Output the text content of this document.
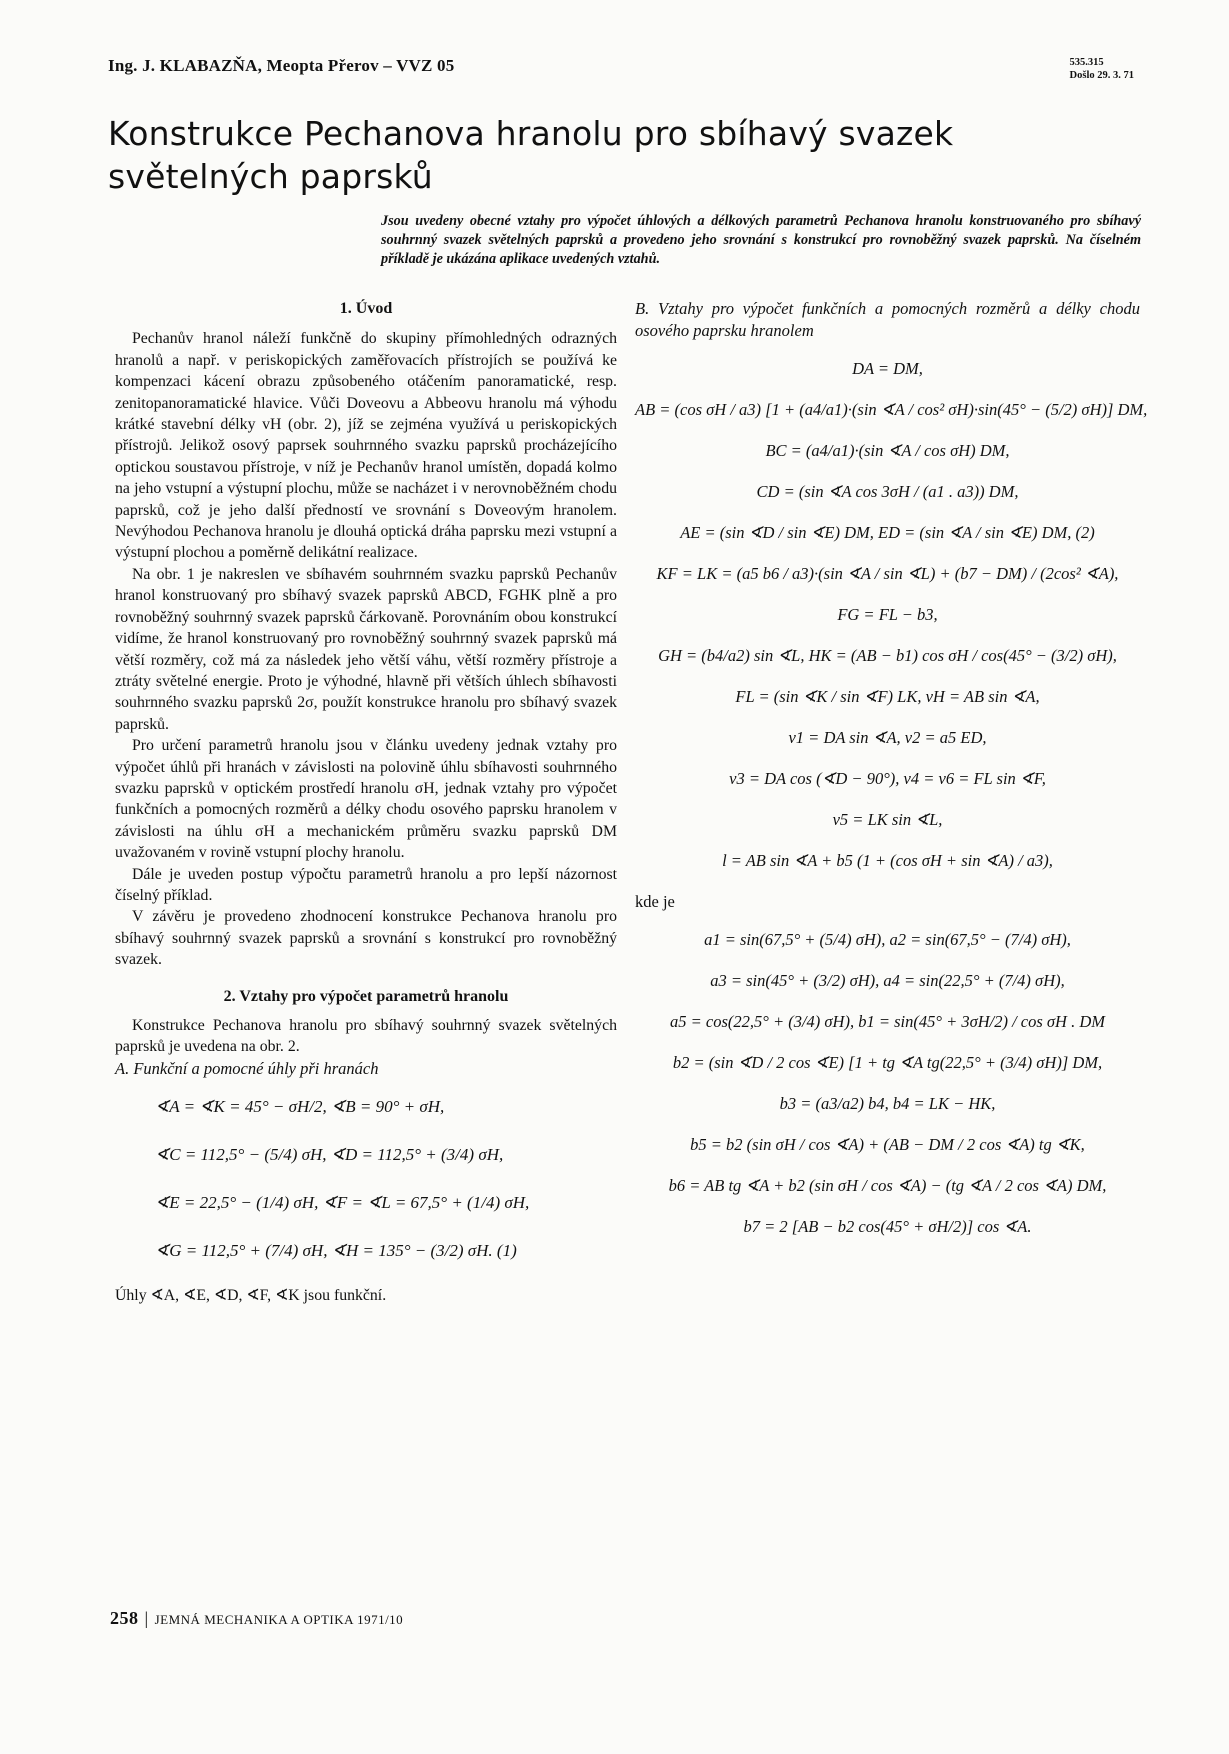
Ing. J. KLABAZŇA, Meopta Přerov – VVZ 05	535.315
Došlo 29. 3. 71
Konstrukce Pechanova hranolu pro sbíhavý svazek světelných paprsků
Jsou uvedeny obecné vztahy pro výpočet úhlových a délkových parametrů Pechanova hranolu konstruovaného pro sbíhavý souhrnný svazek světelných paprsků a provedeno jeho srovnání s konstrukcí pro rovnoběžný svazek paprsků. Na číselném příkladě je ukázána aplikace uvedených vztahů.
1. Úvod

Pechanův hranol náleží funkčně do skupiny přímohledných odrazných hranolů a např. v periskopických zaměřovacích přístrojích se používá ke kompenzaci kácení obrazu způsobeného otáčením panoramatické, resp. zenitopanoramatické hlavice. Vůči Doveovu a Abbeovu hranolu má výhodu krátké stavební délky vH (obr. 2), jíž se zejména využívá u periskopických přístrojů. Jelikož osový paprsek souhrnného svazku paprsků procházejícího optickou soustavou přístroje, v níž je Pechanův hranol umístěn, dopadá kolmo na jeho vstupní a výstupní plochu, může se nacházet i v nerovnoběžném chodu paprsků, což je jeho další předností ve srovnání s Doveovým hranolem. Nevýhodou Pechanova hranolu je dlouhá optická dráha paprsku mezi vstupní a výstupní plochou a poměrně delikátní realizace.

Na obr. 1 je nakreslen ve sbíhavém souhrnném svazku paprsků Pechanův hranol konstruovaný pro sbíhavý svazek paprsků ABCD, FGHK plně a pro rovnoběžný souhrnný svazek paprsků čárkovaně. Porovnáním obou konstrukcí vidíme, že hranol konstruovaný pro rovnoběžný souhrnný svazek paprsků má větší rozměry, což má za následek jeho větší váhu, větší rozměry přístroje a ztráty světelné energie. Proto je výhodné, hlavně při větších úhlech sbíhavosti souhrnného svazku paprsků 2σ, použít konstrukce hranolu pro sbíhavý svazek paprsků.

Pro určení parametrů hranolu jsou v článku uvedeny jednak vztahy pro výpočet úhlů při hranách v závislosti na polovině úhlu sbíhavosti souhrnného svazku paprsků v optickém prostředí hranolu σH, jednak vztahy pro výpočet funkčních a pomocných rozměrů a délky chodu osového paprsku hranolem v závislosti na úhlu σH a mechanickém průměru svazku paprsků DM uvažovaném v rovině vstupní plochy hranolu.

Dále je uveden postup výpočtu parametrů hranolu a pro lepší názornost číselný příklad.

V závěru je provedeno zhodnocení konstrukce Pechanova hranolu pro sbíhavý souhrnný svazek paprsků a srovnání s konstrukcí pro rovnoběžný svazek.

2. Vztahy pro výpočet parametrů hranolu

Konstrukce Pechanova hranolu pro sbíhavý souhrnný svazek světelných paprsků je uvedena na obr. 2.

A. Funkční a pomocné úhly při hranách

∢A = ∢K = 45° − σH/2, ∢B = 90° + σH,
∢C = 112,5° − (5/4) σH, ∢D = 112,5° + (3/4) σH,
∢E = 22,5° − (1/4) σH, ∢F = ∢L = 67,5° + (1/4) σH,
∢G = 112,5° + (7/4) σH, ∢H = 135° − (3/2) σH. (1)

Úhly ∢A, ∢E, ∢D, ∢F, ∢K jsou funkční.

B. Vztahy pro výpočet funkčních a pomocných rozměrů a délky chodu osového paprsku hranolem

DA = DM,
AB = (cos σH / a3) [1 + (a4/a1)·(sin ∢A / cos² σH)·sin(45° − (5/2) σH)] DM,
BC = (a4/a1)·(sin ∢A / cos σH) DM,
CD = (sin ∢A cos 3σH / (a1 . a3)) DM,
AE = (sin ∢D / sin ∢E) DM, ED = (sin ∢A / sin ∢E) DM, (2)
KF = LK = (a5 b6 / a3)·(sin ∢A / sin ∢L) + (b7 − DM) / (2cos² ∢A),
FG = FL − b3,
GH = (b4/a2) sin ∢L, HK = (AB − b1) cos σH / cos(45° − (3/2) σH),
FL = (sin ∢K / sin ∢F) LK, vH = AB sin ∢A,
v1 = DA sin ∢A, v2 = a5 ED,
v3 = DA cos (∢D − 90°), v4 = v6 = FL sin ∢F,
v5 = LK sin ∢L,
l = AB sin ∢A + b5 (1 + (cos σH + sin ∢A) / a3),
kde je
a1 = sin(67,5° + (5/4) σH), a2 = sin(67,5° − (7/4) σH),
a3 = sin(45° + (3/2) σH), a4 = sin(22,5° + (7/4) σH),
a5 = cos(22,5° + (3/4) σH), b1 = sin(45° + 3σH/2) / cos σH . DM
b2 = (sin ∢D / 2 cos ∢E) [1 + tg ∢A tg(22,5° + (3/4) σH)] DM,
b3 = (a3/a2) b4, b4 = LK − HK,
b5 = b2 (sin σH / cos ∢A) + (AB − DM / 2 cos ∢A) tg ∢K,
b6 = AB tg ∢A + b2 (sin σH / cos ∢A) − (tg ∢A / 2 cos ∢A) DM,
b7 = 2 [AB − b2 cos(45° + σH/2)] cos ∢A.
258 | JEMNÁ MECHANIKA A OPTIKA 1971/10
